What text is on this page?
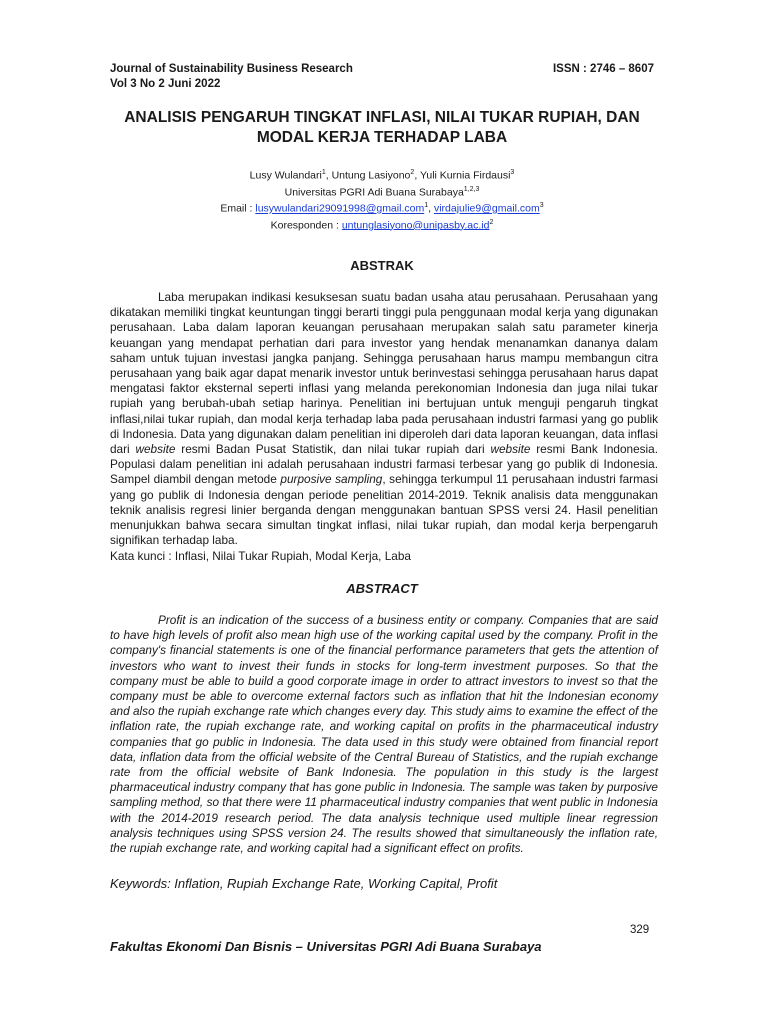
Journal of Sustainability Business Research	ISSN : 2746 – 8607
Vol 3 No 2 Juni 2022
ANALISIS PENGARUH TINGKAT INFLASI, NILAI TUKAR RUPIAH, DAN
MODAL KERJA TERHADAP LABA
Lusy Wulandari$^1$, Untung Lasiyono$^2$, Yuli Kurnia Firdausi$^3$
Universitas PGRI Adi Buana Surabaya$^{1,2,3}$
Email : lusywulandari29091998@gmail.com$^1$, virdajulie9@gmail.com$^3$
Koresponden : $untunglasiyono@unipasby.ac.id^2$
ABSTRAK

Laba merupakan indikasi kesuksesan suatu badan usaha atau perusahaan. Perusahaan yang dikatakan memiliki tingkat keuntungan tinggi berarti tinggi pula penggunaan modal kerja yang digunakan perusahaan. Laba dalam laporan keuangan perusahaan merupakan salah satu parameter kinerja keuangan yang mendapat perhatian dari para investor yang hendak menanamkan dananya dalam saham untuk tujuan investasi jangka panjang. Sehingga perusahaan harus mampu membangun citra perusahaan yang baik agar dapat menarik investor untuk berinvestasi sehingga perusahaan harus dapat mengatasi faktor eksternal seperti inflasi yang melanda perekonomian Indonesia dan juga nilai tukar rupiah yang berubah-ubah setiap harinya. Penelitian ini bertujuan untuk menguji pengaruh tingkat inflasi,nilai tukar rupiah, dan modal kerja terhadap laba pada perusahaan industri farmasi yang go publik di Indonesia. Data yang digunakan dalam penelitian ini diperoleh dari data laporan keuangan, data inflasi dari website resmi Badan Pusat Statistik, dan nilai tukar rupiah dari website resmi Bank Indonesia. Populasi dalam penelitian ini adalah perusahaan industri farmasi terbesar yang go publik di Indonesia. Sampel diambil dengan metode purposive sampling, sehingga terkumpul 11 perusahaan industri farmasi yang go publik di Indonesia dengan periode penelitian 2014-2019. Teknik analisis data menggunakan teknik analisis regresi linier berganda dengan menggunakan bantuan SPSS versi 24. Hasil penelitian menunjukkan bahwa secara simultan tingkat inflasi, nilai tukar rupiah, dan modal kerja berpengaruh signifikan terhadap laba.

Kata kunci : Inflasi, Nilai Tukar Rupiah, Modal Kerja, Laba
ABSTRACT

Profit is an indication of the success of a business entity or company. Companies that are said to have high levels of profit also mean high use of the working capital used by the company. Profit in the company's financial statements is one of the financial performance parameters that gets the attention of investors who want to invest their funds in stocks for long-term investment purposes. So that the company must be able to build a good corporate image in order to attract investors to invest so that the company must be able to overcome external factors such as inflation that hit the Indonesian economy and also the rupiah exchange rate which changes every day. This study aims to examine the effect of the inflation rate, the rupiah exchange rate, and working capital on profits in the pharmaceutical industry companies that go public in Indonesia. The data used in this study were obtained from financial report data, inflation data from the official website of the Central Bureau of Statistics, and the rupiah exchange rate from the official website of Bank Indonesia. The population in this study is the largest pharmaceutical industry company that has gone public in Indonesia. The sample was taken by purposive sampling method, so that there were 11 pharmaceutical industry companies that went public in Indonesia with the 2014-2019 research period. The data analysis technique used multiple linear regression analysis techniques using SPSS version 24. The results showed that simultaneously the inflation rate, the rupiah exchange rate, and working capital had a significant effect on profits.

Keywords: Inflation, Rupiah Exchange Rate, Working Capital, Profit
329
Fakultas Ekonomi Dan Bisnis – Universitas PGRI Adi Buana Surabaya
